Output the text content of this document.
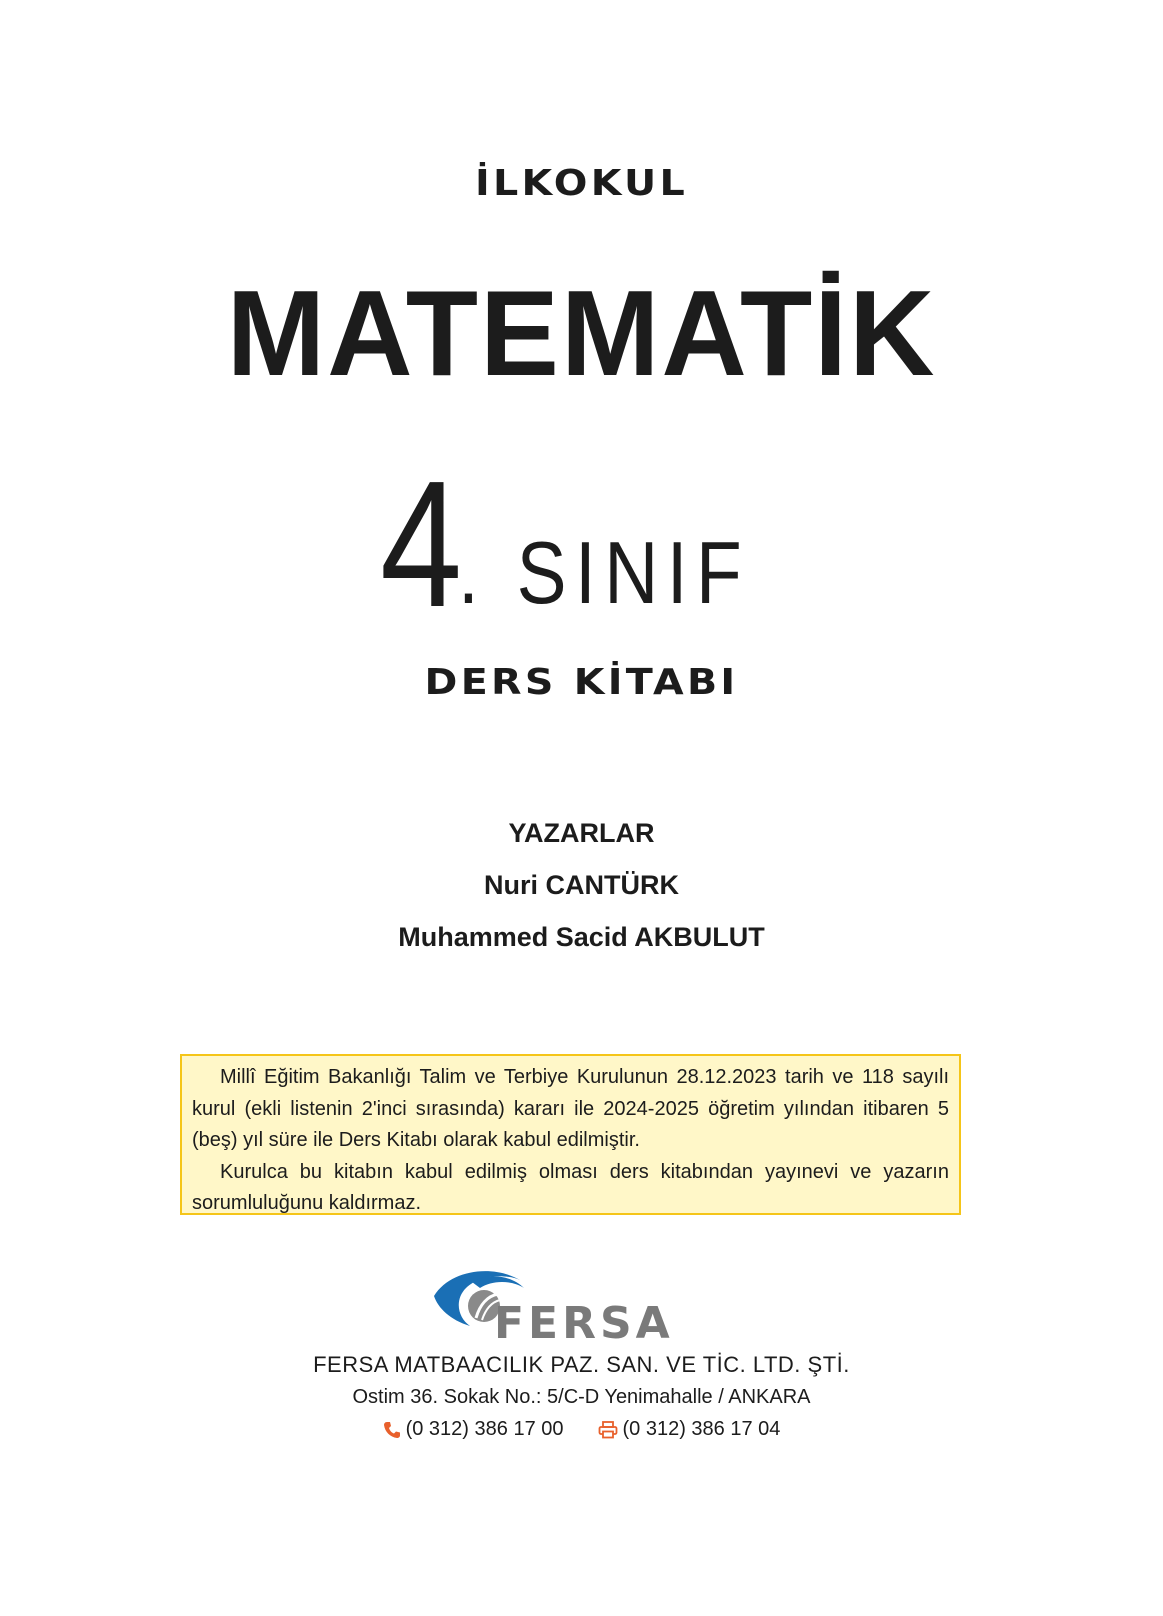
İLKOKUL
MATEMATİK
4
. SINIF
DERS KİTABI
YAZARLAR
Nuri CANTÜRK
Muhammed Sacid AKBULUT

Millî Eğitim Bakanlığı Talim ve Terbiye Kurulunun 28.12.2023 tarih ve 118 sayılı kurul (ekli listenin 2'inci sırasında) kararı ile 2024-2025 öğretim yılından itibaren 5 (beş) yıl süre ile Ders Kitabı olarak kabul edilmiştir.

Kurulca bu kitabın kabul edilmiş olması ders kitabından yayınevi ve yazarın sorumluluğunu kaldırmaz.

FERSA
FERSA MATBAACILIK PAZ. SAN. VE TİC. LTD. ŞTİ.
Ostim 36. Sokak No.: 5/C-D Yenimahalle / ANKARA
(0 312) 386 17 00	(0 312) 386 17 04
